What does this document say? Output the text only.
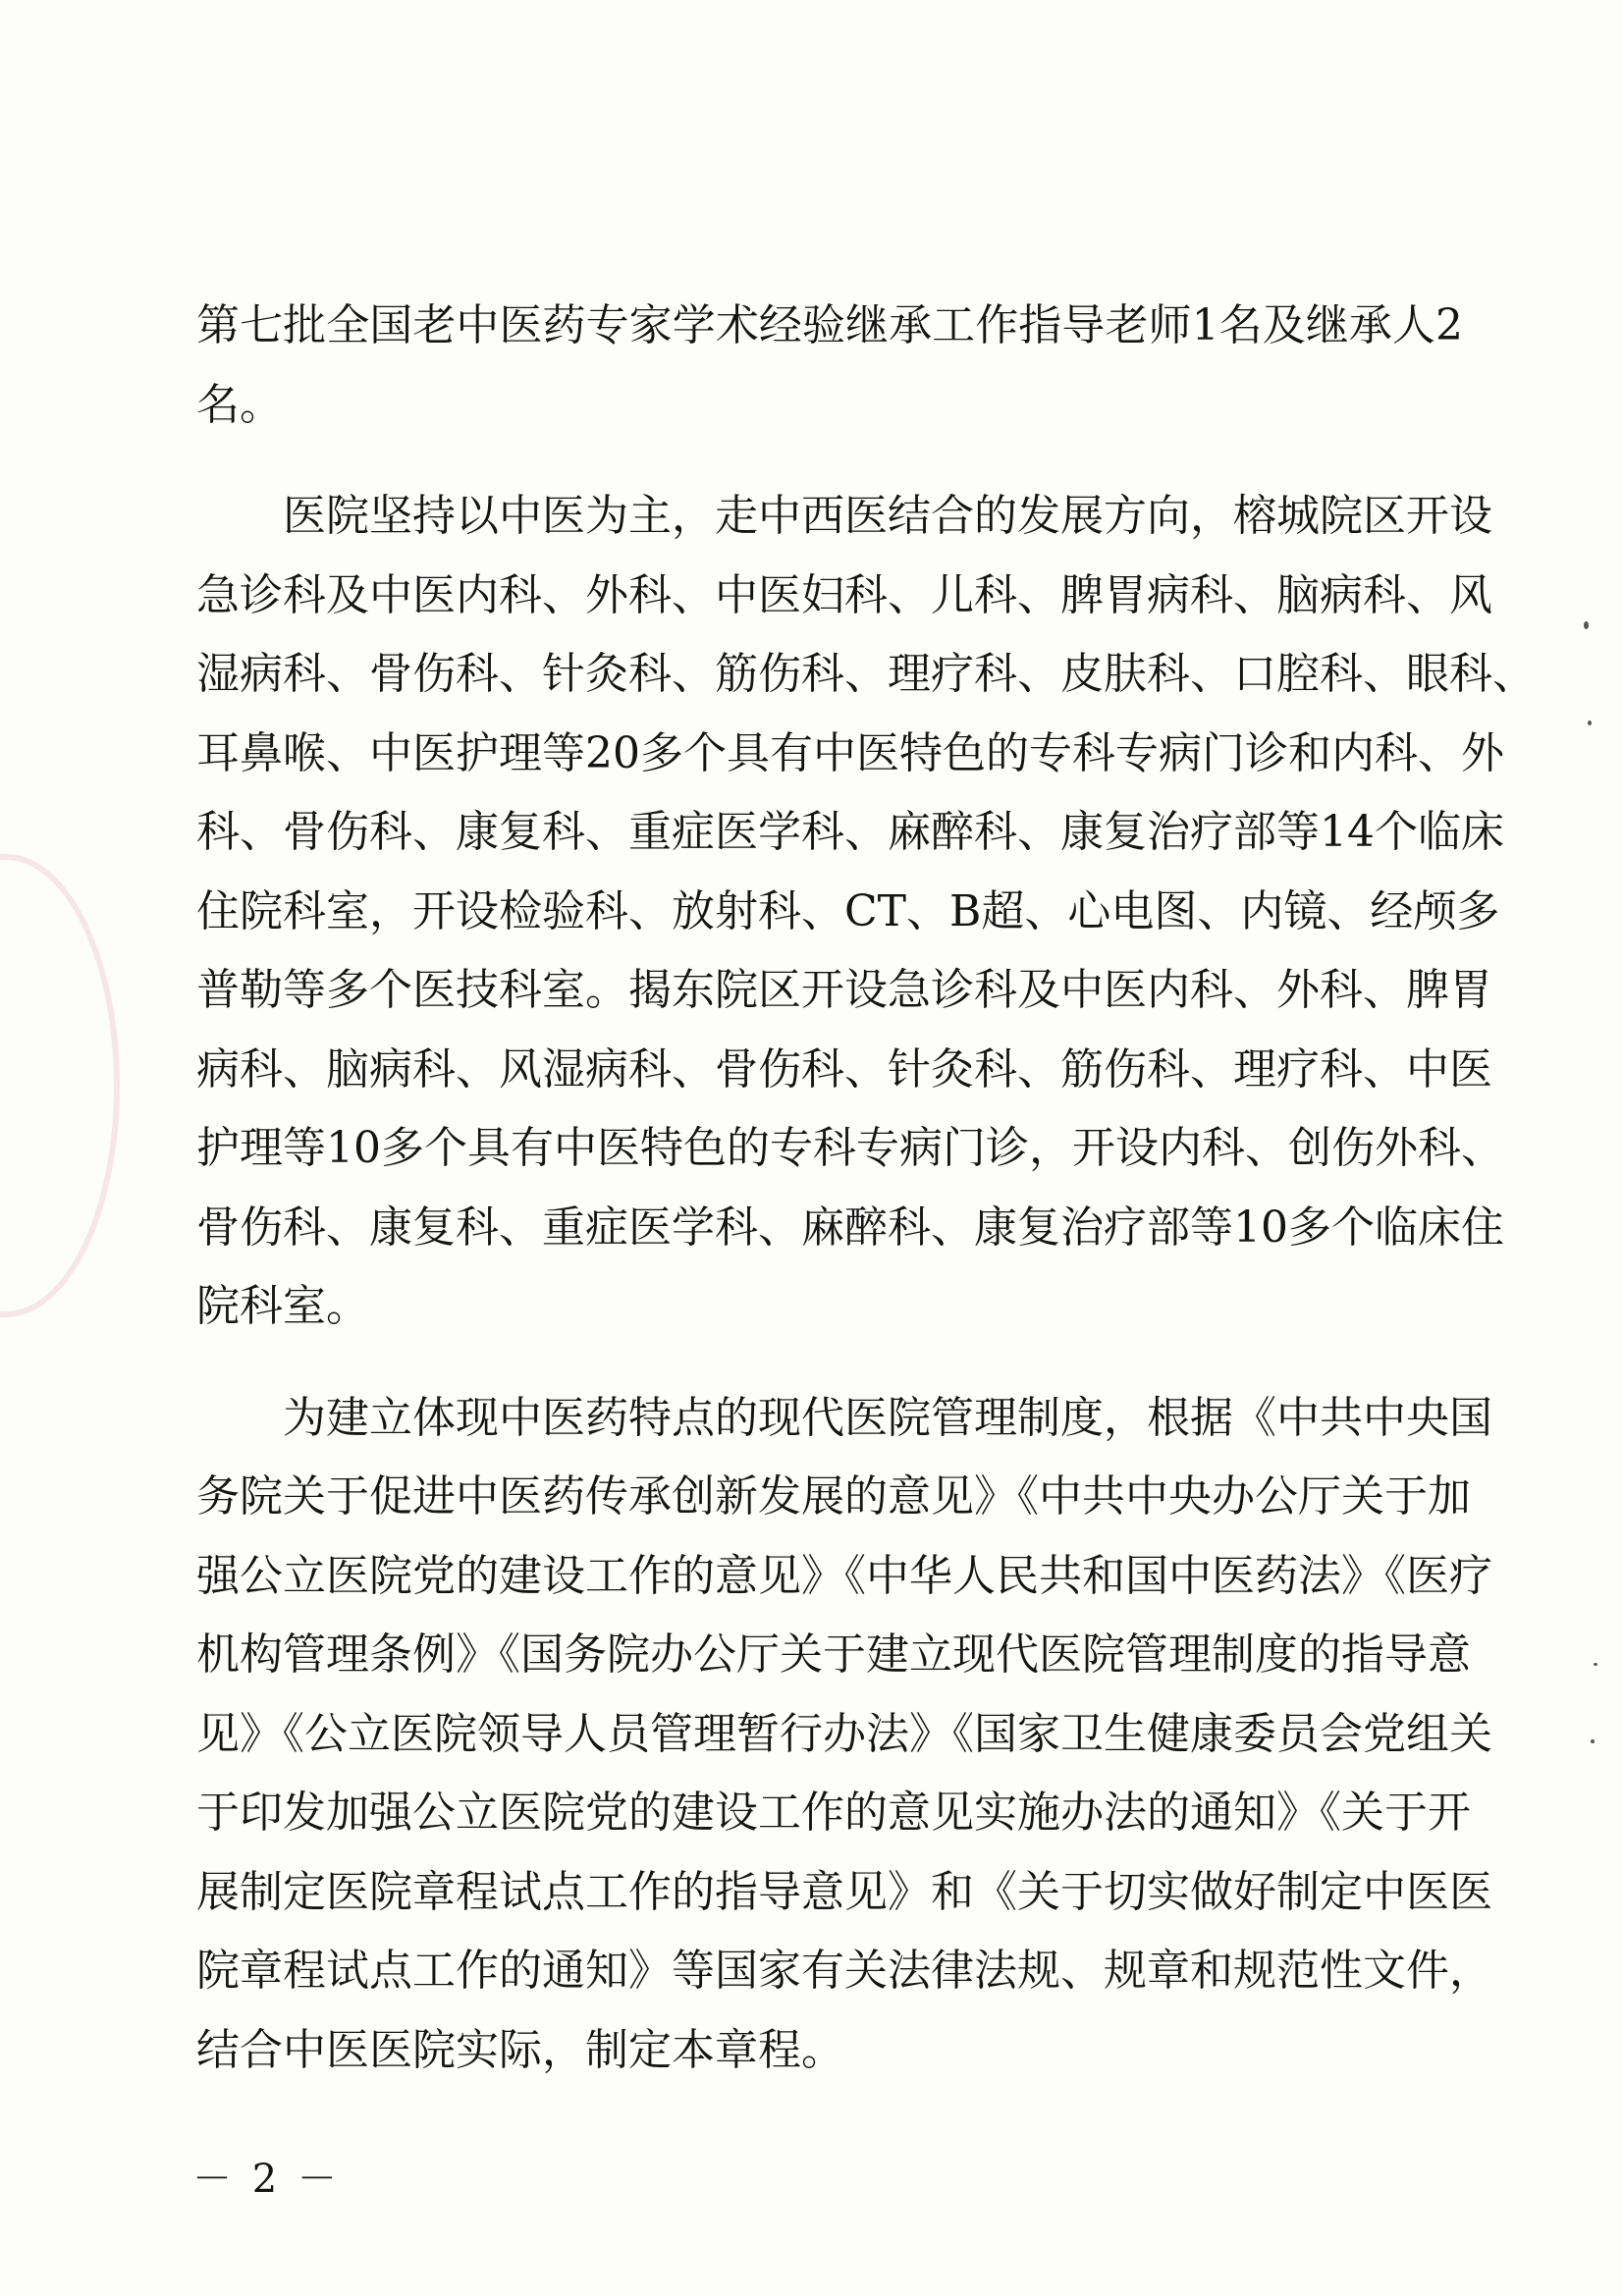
第七批全国老中医药专家学术经验继承工作指导老师1名及继承人2
名。
医院坚持以中医为主，走中西医结合的发展方向，榕城院区开设
急诊科及中医内科、外科、中医妇科、儿科、脾胃病科、脑病科、风
湿病科、骨伤科、针灸科、筋伤科、理疗科、皮肤科、口腔科、眼科、
耳鼻喉、中医护理等20多个具有中医特色的专科专病门诊和内科、外
科、骨伤科、康复科、重症医学科、麻醉科、康复治疗部等14个临床
住院科室，开设检验科、放射科、CT、B超、心电图、内镜、经颅多
普勒等多个医技科室。揭东院区开设急诊科及中医内科、外科、脾胃
病科、脑病科、风湿病科、骨伤科、针灸科、筋伤科、理疗科、中医
护理等10多个具有中医特色的专科专病门诊，开设内科、创伤外科、
骨伤科、康复科、重症医学科、麻醉科、康复治疗部等10多个临床住
院科室。
为建立体现中医药特点的现代医院管理制度，根据《中共中央国
务院关于促进中医药传承创新发展的意见》《中共中央办公厅关于加
强公立医院党的建设工作的意见》《中华人民共和国中医药法》《医疗
机构管理条例》《国务院办公厅关于建立现代医院管理制度的指导意
见》《公立医院领导人员管理暂行办法》《国家卫生健康委员会党组关
于印发加强公立医院党的建设工作的意见实施办法的通知》《关于开
展制定医院章程试点工作的指导意见》和《关于切实做好制定中医医
院章程试点工作的通知》等国家有关法律法规、规章和规范性文件，
结合中医医院实际，制定本章程。
－ 2 －
